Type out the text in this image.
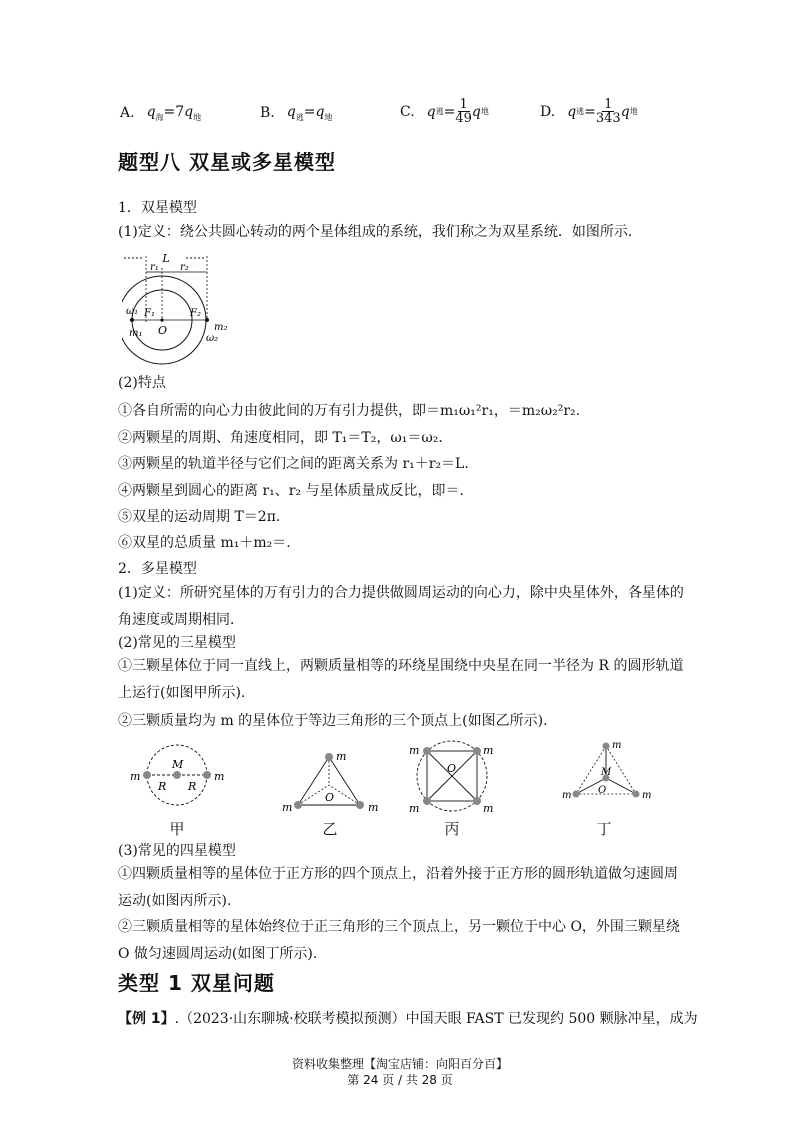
A. $q_海=7q_地$	B. $q_逃=q_地$	C. q 逃 = $\frac{1}{49}$ q 地	D. q 逃 = $\frac{1}{343}$ q 地
题型八 双星或多星模型
1．双星模型
(1)定义：绕公共圆心转动的两个星体组成的系统，我们称之为双星系统．如图所示．
L
r₁ r₂
ω₁ F₁	F₂
m₁ O	m₂
ω₂
(2)特点
①各自所需的向心力由彼此间的万有引力提供，即＝m₁ω₁²r₁，＝m₂ω₂²r₂.
②两颗星的周期、角速度相同，即 T₁＝T₂，ω₁＝ω₂.
③两颗星的轨道半径与它们之间的距离关系为 r₁＋r₂＝L.
④两颗星到圆心的距离 r₁、r₂ 与星体质量成反比，即＝.
⑤双星的运动周期 T＝2π.
⑥双星的总质量 m₁＋m₂＝.
2．多星模型
(1)定义：所研究星体的万有引力的合力提供做圆周运动的向心力，除中央星体外，各星体的角速度或周期相同．
(2)常见的三星模型
①三颗星体位于同一直线上，两颗质量相等的环绕星围绕中央星在同一半径为 R 的圆形轨道上运行(如图甲所示).
②三颗质量均为 m 的星体位于等边三角形的三个顶点上(如图乙所示).
m	m
M
R R
甲
m
m	m
O
乙
m	m
m	m
O
丙
m
m	m
M
O
丁
(3)常见的四星模型
①四颗质量相等的星体位于正方形的四个顶点上，沿着外接于正方形的圆形轨道做匀速圆周运动(如图丙所示).
②三颗质量相等的星体始终位于正三角形的三个顶点上，另一颗位于中心 O，外围三颗星绕 O 做匀速圆周运动(如图丁所示).
类型 1 双星问题
【例 1】.（2023·山东聊城·校联考模拟预测）中国天眼 FAST 已发现约 500 颗脉冲星，成为
资料收集整理【淘宝店铺：向阳百分百】
第 24 页 / 共 28 页
